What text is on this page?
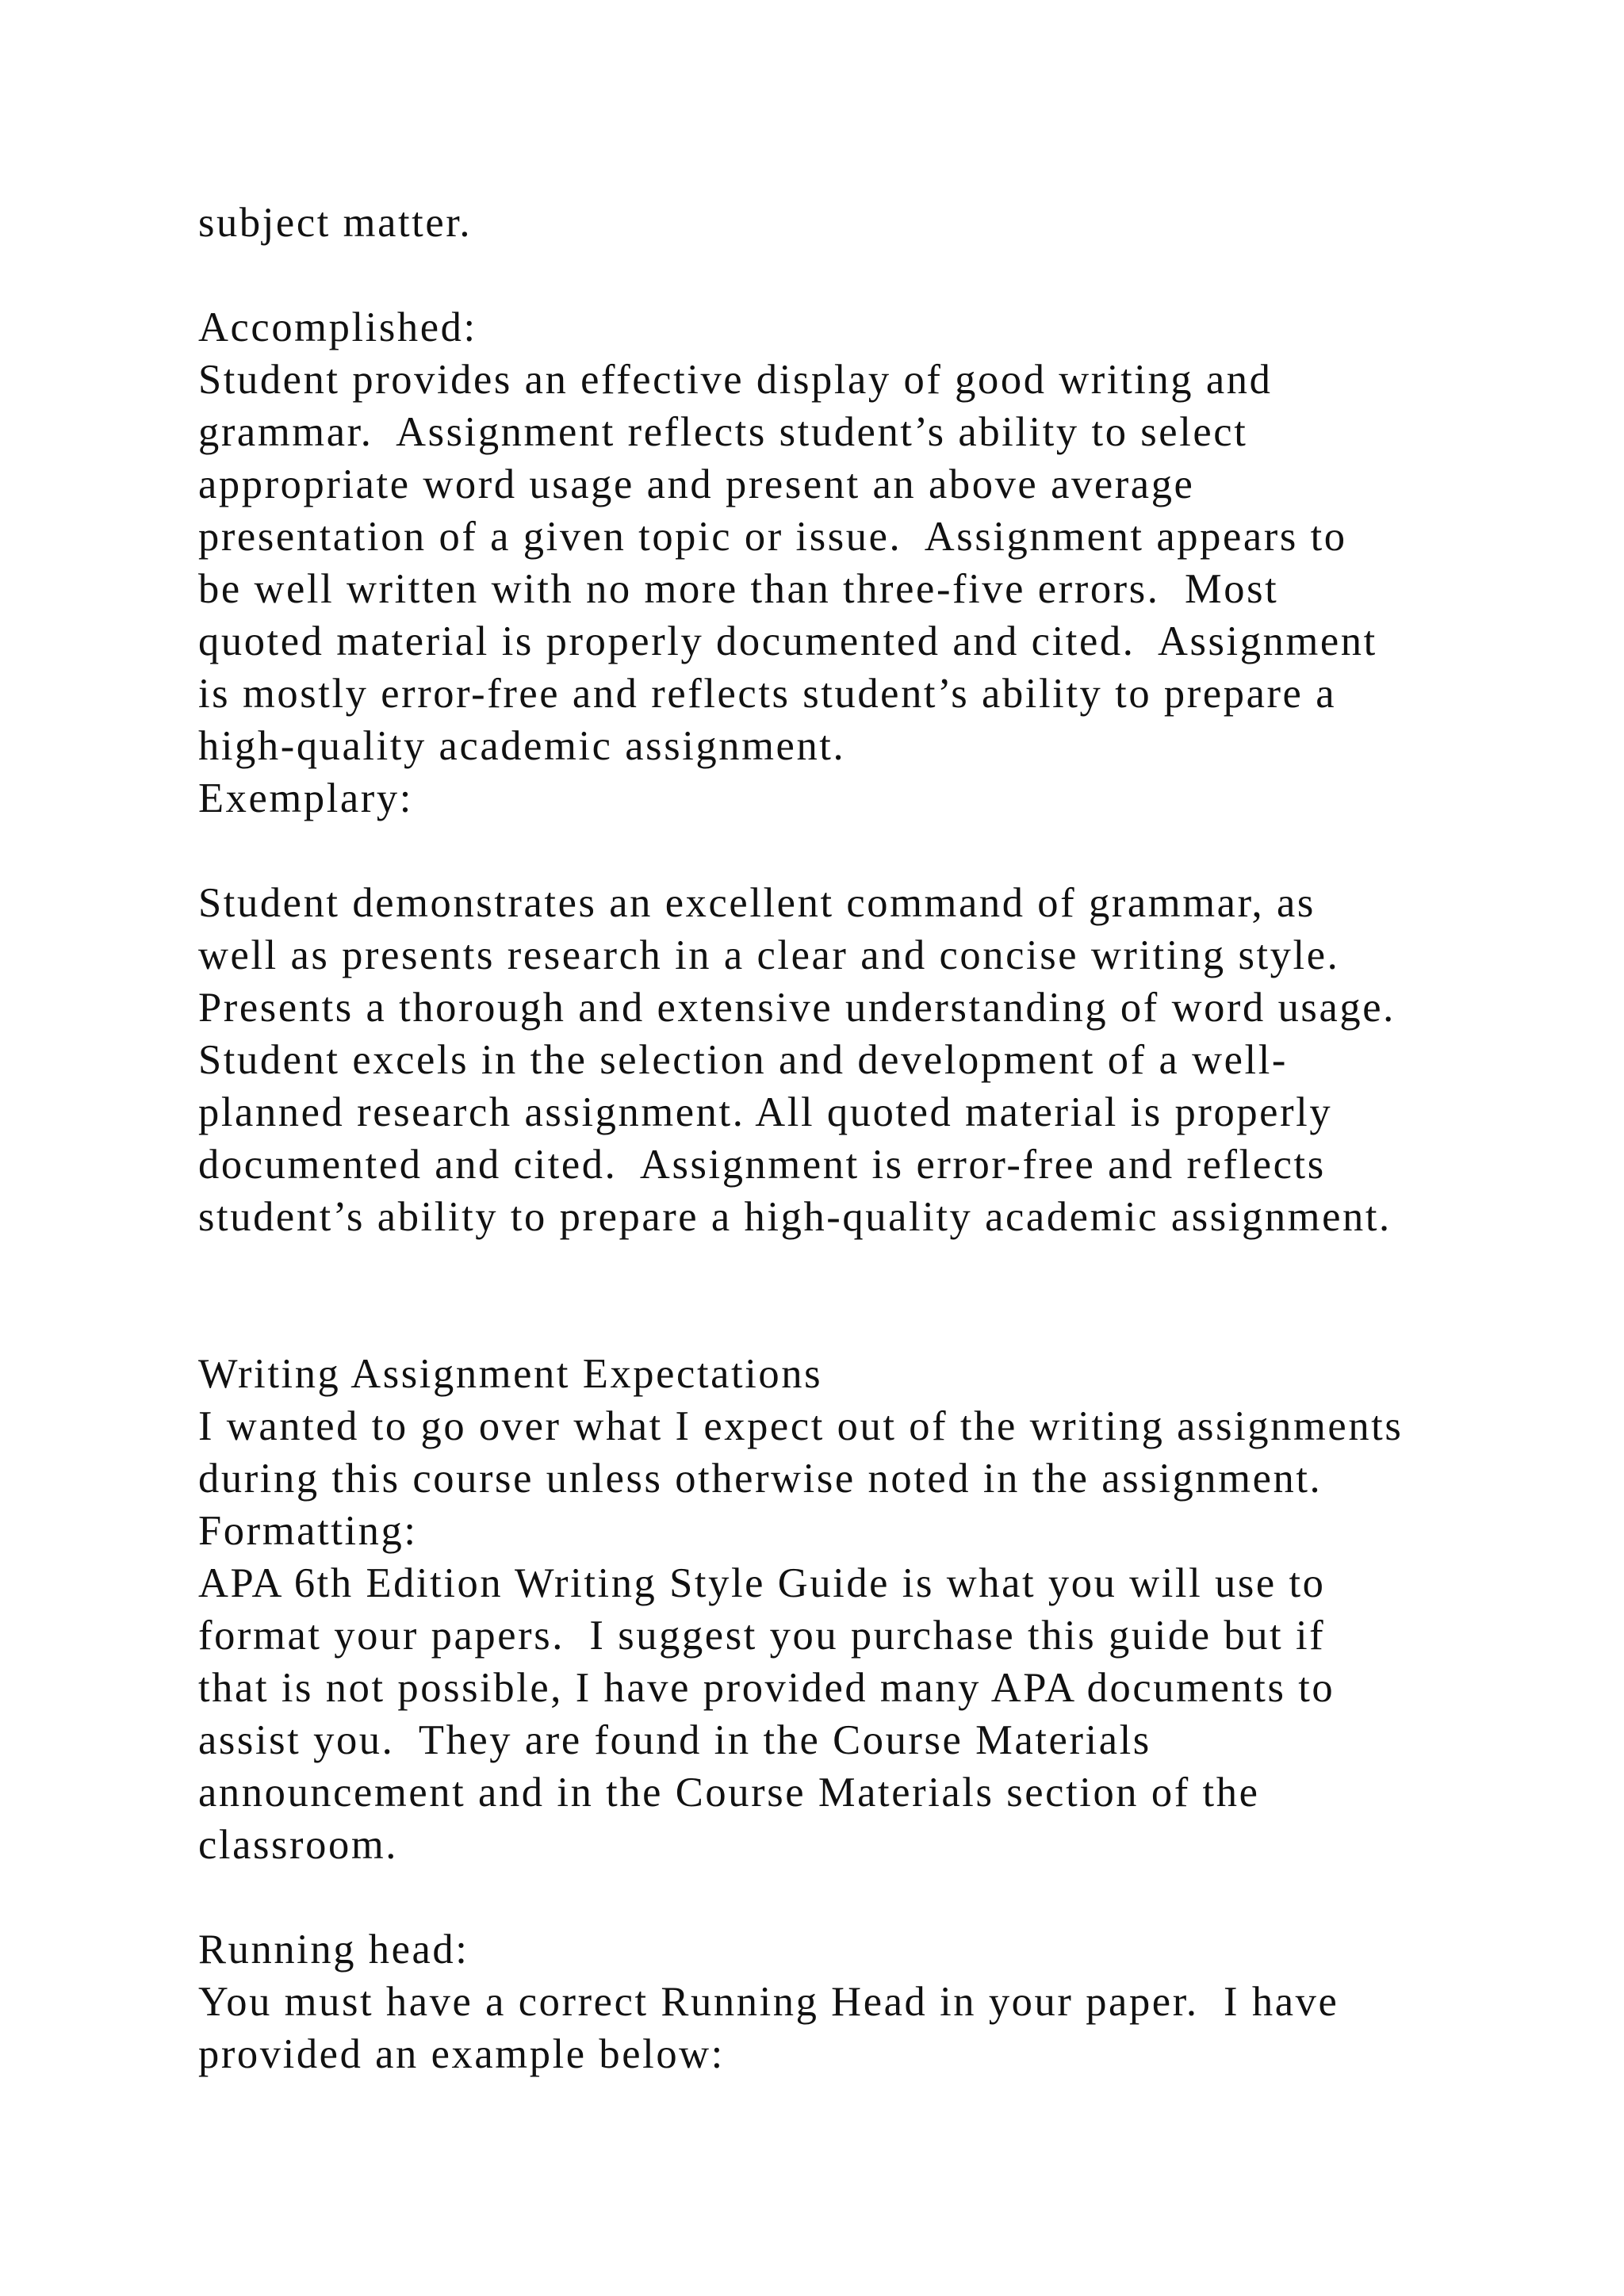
subject matter.
Accomplished:
Student provides an effective display of good writing and
grammar.  Assignment reflects student’s ability to select
appropriate word usage and present an above average
presentation of a given topic or issue.  Assignment appears to
be well written with no more than three-five errors.  Most
quoted material is properly documented and cited.  Assignment
is mostly error-free and reflects student’s ability to prepare a
high-quality academic assignment.
Exemplary:
Student demonstrates an excellent command of grammar, as
well as presents research in a clear and concise writing style.
Presents a thorough and extensive understanding of word usage.
Student excels in the selection and development of a well-
planned research assignment. All quoted material is properly
documented and cited.  Assignment is error-free and reflects
student’s ability to prepare a high-quality academic assignment.
Writing Assignment Expectations
I wanted to go over what I expect out of the writing assignments
during this course unless otherwise noted in the assignment.
Formatting:
APA 6th Edition Writing Style Guide is what you will use to
format your papers.  I suggest you purchase this guide but if
that is not possible, I have provided many APA documents to
assist you.  They are found in the Course Materials
announcement and in the Course Materials section of the
classroom.
Running head:
You must have a correct Running Head in your paper.  I have
provided an example below:
